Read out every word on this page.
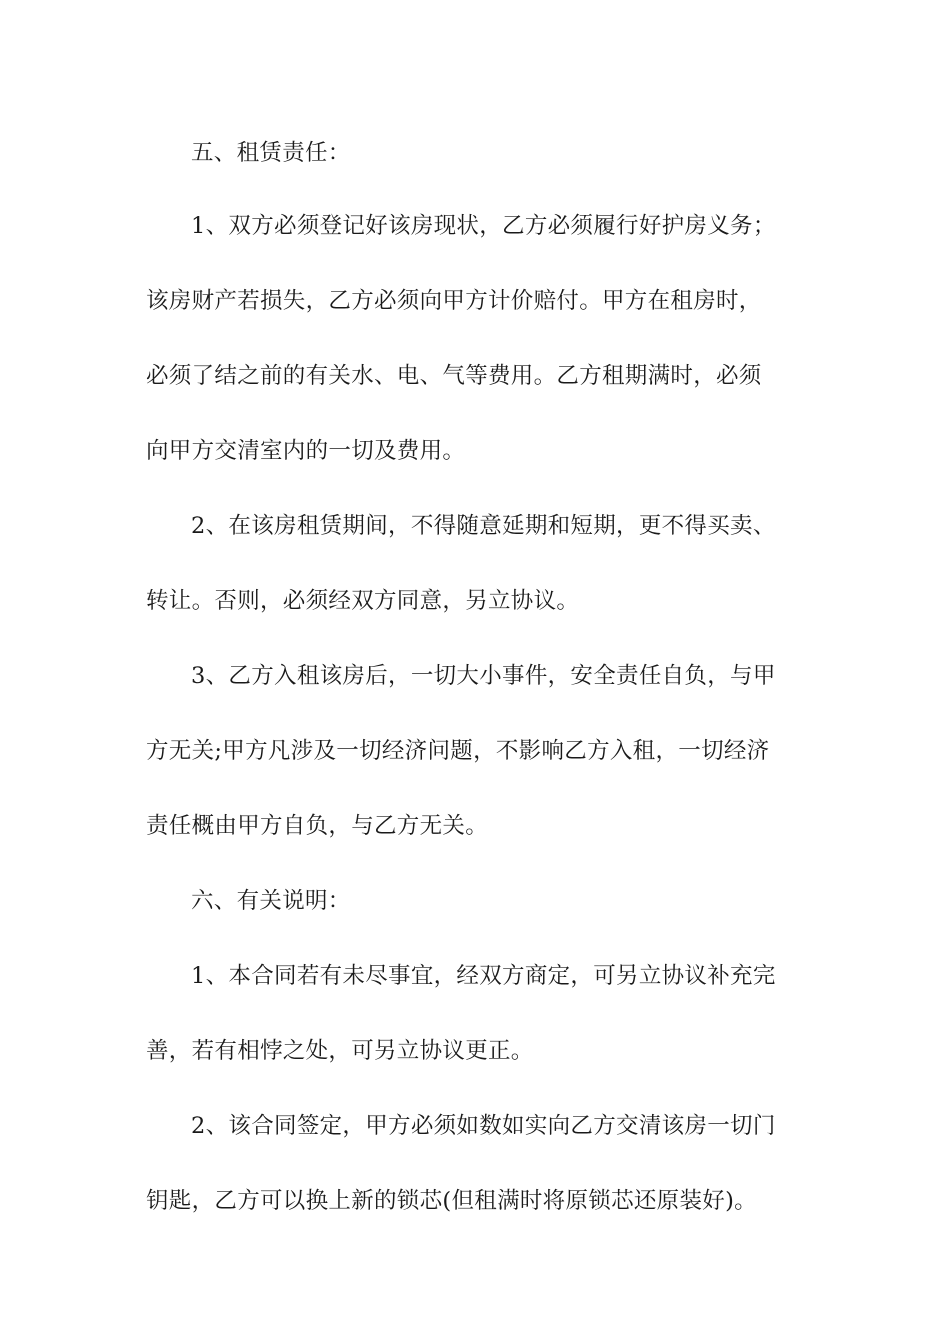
五、租赁责任：
1、双方必须登记好该房现状，乙方必须履行好护房义务；
该房财产若损失，乙方必须向甲方计价赔付。甲方在租房时，
必须了结之前的有关水、电、气等费用。乙方租期满时，必须
向甲方交清室内的一切及费用。
2、在该房租赁期间，不得随意延期和短期，更不得买卖、
转让。否则，必须经双方同意，另立协议。
3、乙方入租该房后，一切大小事件，安全责任自负，与甲
方无关;甲方凡涉及一切经济问题，不影响乙方入租，一切经济
责任概由甲方自负，与乙方无关。
六、有关说明：
1、本合同若有未尽事宜，经双方商定，可另立协议补充完
善，若有相悖之处，可另立协议更正。
2、该合同签定，甲方必须如数如实向乙方交清该房一切门
钥匙，乙方可以换上新的锁芯(但租满时将原锁芯还原装好)。
